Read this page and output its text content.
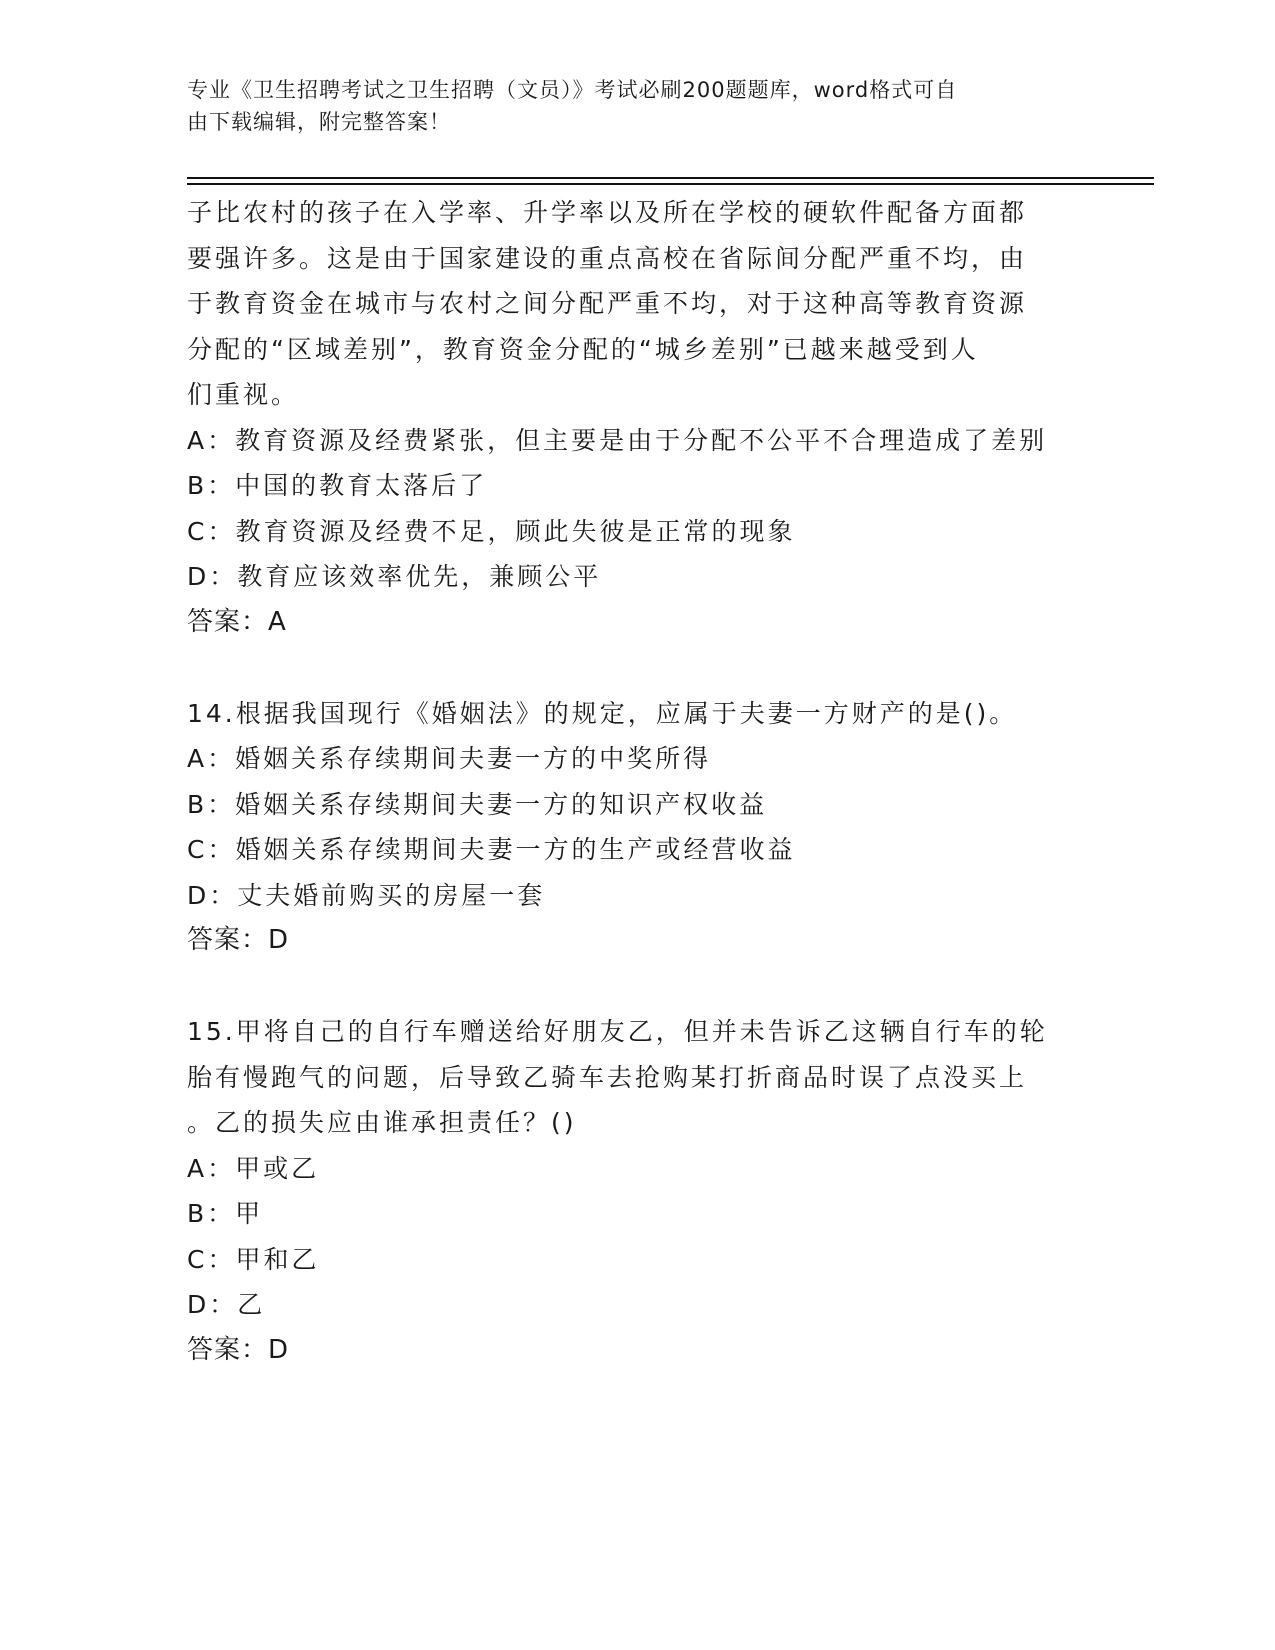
专业《卫生招聘考试之卫生招聘（文员）》考试必刷200题题库，word格式可自
由下载编辑，附完整答案！
子比农村的孩子在入学率、升学率以及所在学校的硬软件配备方面都
要强许多。这是由于国家建设的重点高校在省际间分配严重不均，由
于教育资金在城市与农村之间分配严重不均，对于这种高等教育资源
分配的“区域差别”，教育资金分配的“城乡差别”已越来越受到人
们重视。
A：教育资源及经费紧张，但主要是由于分配不公平不合理造成了差别
B：中国的教育太落后了
C：教育资源及经费不足，顾此失彼是正常的现象
D：教育应该效率优先，兼顾公平
答案：A
14.根据我国现行《婚姻法》的规定，应属于夫妻一方财产的是()。
A：婚姻关系存续期间夫妻一方的中奖所得
B：婚姻关系存续期间夫妻一方的知识产权收益
C：婚姻关系存续期间夫妻一方的生产或经营收益
D：丈夫婚前购买的房屋一套
答案：D
15.甲将自己的自行车赠送给好朋友乙，但并未告诉乙这辆自行车的轮
胎有慢跑气的问题，后导致乙骑车去抢购某打折商品时误了点没买上
。乙的损失应由谁承担责任？()
A：甲或乙
B：甲
C：甲和乙
D：乙
答案：D
